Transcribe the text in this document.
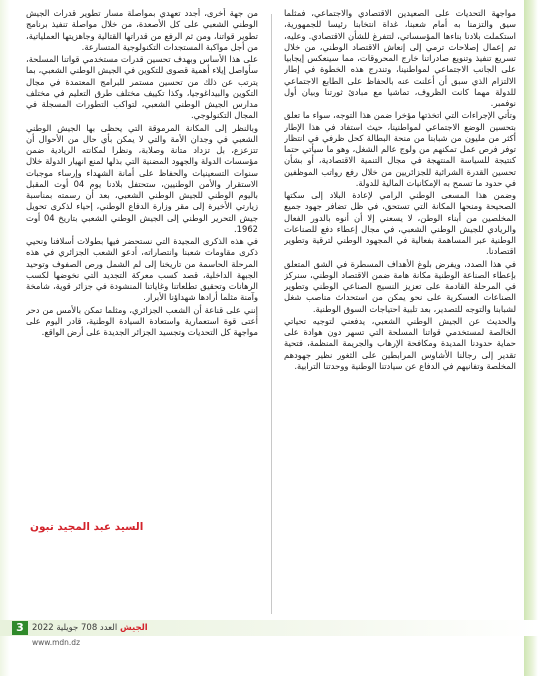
مواجهة التحديات على الصعيدين الاقتصادي والاجتماعي، فمثلما سيق والتزمنا به أمام شعبنا، غداة انتخابنا رئيسا للجمهورية، استكملت بلادنا بناءها المؤسساتي، لتتفرغ للشأن الاقتصادي. وعليه، تم إعمال إصلاحات ترمي إلى إنعاش الاقتصاد الوطني، من خلال تسريع تنفيذ وتنويع صادراتنا خارج المحروقات، مما سينعكس إيجابيا على الجانب الاجتماعي لمواطنينا، وتندرج هذه الخطوة في إطار الالتزام الذي سبق أن أعلنت عنه بالحفاظ على الطابع الاجتماعي للدولة مهما كانت الظروف، تماشيا مع مبادئ ثورتنا وبيان أول نوفمبر.

وتأتي الإجراءات التي اتخذتها مؤخرا ضمن هذا التوجه، سواء ما تعلق بتحسين الوضع الاجتماعي لمواطنينا، حيث استفاد في هذا الإطار أكثر من مليون من شبابنا من منحة البطالة كحل ظرفي في انتظار توفر فرص عمل تمكنهم من ولوج عالم الشغل، وهو ما سيأتي حتما كنتيجة للسياسة المنتهجة في مجال التنمية الاقتصادية، أو بشأن تحسين القدرة الشرائية للجزائريين من خلال رفع رواتب الموظفين في حدود ما تسمح به الإمكانيات المالية للدولة.

وضمن هذا المسعى الوطني الرامي لإعادة البلاد إلى سكتها الصحيحة ومنحها المكانة التي تستحق، في ظل تضافر جهود جميع المخلصين من أبناء الوطن، لا يسعني إلا أن أنوه بالدور الفعال والريادي للجيش الوطني الشعبي، في مجال إعطاء دفع للصناعات الوطنية عبر المساهمة بفعالية في المجهود الوطني لترقية وتطوير اقتصادنا.

في هذا الصدد، ويفرض بلوغ الأهداف المسطرة في الشق المتعلق بإعطاء الصناعة الوطنية مكانة هامة ضمن الاقتصاد الوطني، سنركز في المرحلة القادمة على تعزيز النسيج الصناعي الوطني وتطوير الصناعات العسكرية على نحو يمكن من استحداث مناصب شغل لشبابنا والتوجه للتصدير، بعد تلبية احتياجات السوق الوطنية.

والحديث عن الجيش الوطني الشعبي، يدفعني لتوجيه تحياتي الخالصة لمستخدمي قواتنا المسلحة التي تسهر دون هوادة على حماية حدودنا المديدة ومكافحة الإرهاب والجريمة المنظمة، فتحية تقدير إلى رجالنا الأشاوس المرابطين على الثغور نظير جهودهم المخلصة وتفانيهم في الدفاع عن سيادتنا الوطنية ووحدتنا الترابية.

من جهة أخرى، أجدد تعهدي بمواصلة مسار تطوير قدرات الجيش الوطني الشعبي على كل الأصعدة، من خلال مواصلة تنفيذ برنامج تطوير قواتنا، ومن ثم الرفع من قدراتها القتالية وجاهزيتها العملياتية، من أجل مواكبة المستجدات التكنولوجية المتسارعة.

على هذا الأساس وبهدف تحسين قدرات مستخدمي قواتنا المسلحة، سأواصل إيلاء أهمية قصوى للتكوين في الجيش الوطني الشعبي، بما يترتب عن ذلك من تحسين مستمر للبرامج المعتمدة في مجال التكوين والبيداغوجيا، وكذا تكييف مختلف طرق التعليم في مختلف مدارس الجيش الوطني الشعبي، لتواكب التطورات المسجلة في المجال التكنولوجي.

وبالنظر إلى المكانة المرموقة التي يحظى بها الجيش الوطني الشعبي في وجدان الأمة والتي لا يمكن بأي حال من الأحوال أن تتزعزع، بل تزداد متانة وصلابة، ونظرا لمكانته الريادية ضمن مؤسسات الدولة والجهود المضنية التي بذلها لمنع انهيار الدولة خلال سنوات التسعينيات والحفاظ على أمانة الشهداء وإرساء موجبات الاستقرار والأمن الوطنيين، ستحتفل بلادنا يوم 04 أوت المقبل باليوم الوطني للجيش الوطني الشعبي، بعد أن رسمته بمناسبة زيارتي الأخيرة إلى مقر وزارة الدفاع الوطني، إحياء لذكرى تحويل جيش التحرير الوطني إلى الجيش الوطني الشعبي بتاريخ 04 أوت 1962.

في هذه الذكرى المجيدة التي نستحضر فيها بطولات أسلافنا ونحيي ذكرى مقاومات شعبنا وانتصاراته، أدعو الشعب الجزائري في هذه المرحلة الحاسمة من تاريخنا إلى لم الشمل ورص الصفوف وتوحيد الجبهة الداخلية، قصد كسب معركة التجديد التي نخوضها لكسب الرهانات وتحقيق تطلعاتنا وغاياتنا المنشودة في جزائر قوية، شامخة وآمنة مثلما أرادها شهداؤنا الأبرار.

إنني على قناعة أن الشعب الجزائري، ومثلما تمكن بالأمس من دحر أعتى قوة استعمارية واستعادة السيادة الوطنية، قادر اليوم على مواجهة كل التحديات وتجسيد الجزائر الجديدة على أرض الواقع.

السيد عبد المجيد تبون
3	الجيش العدد 708 جويلية 2022
www.mdn.dz
